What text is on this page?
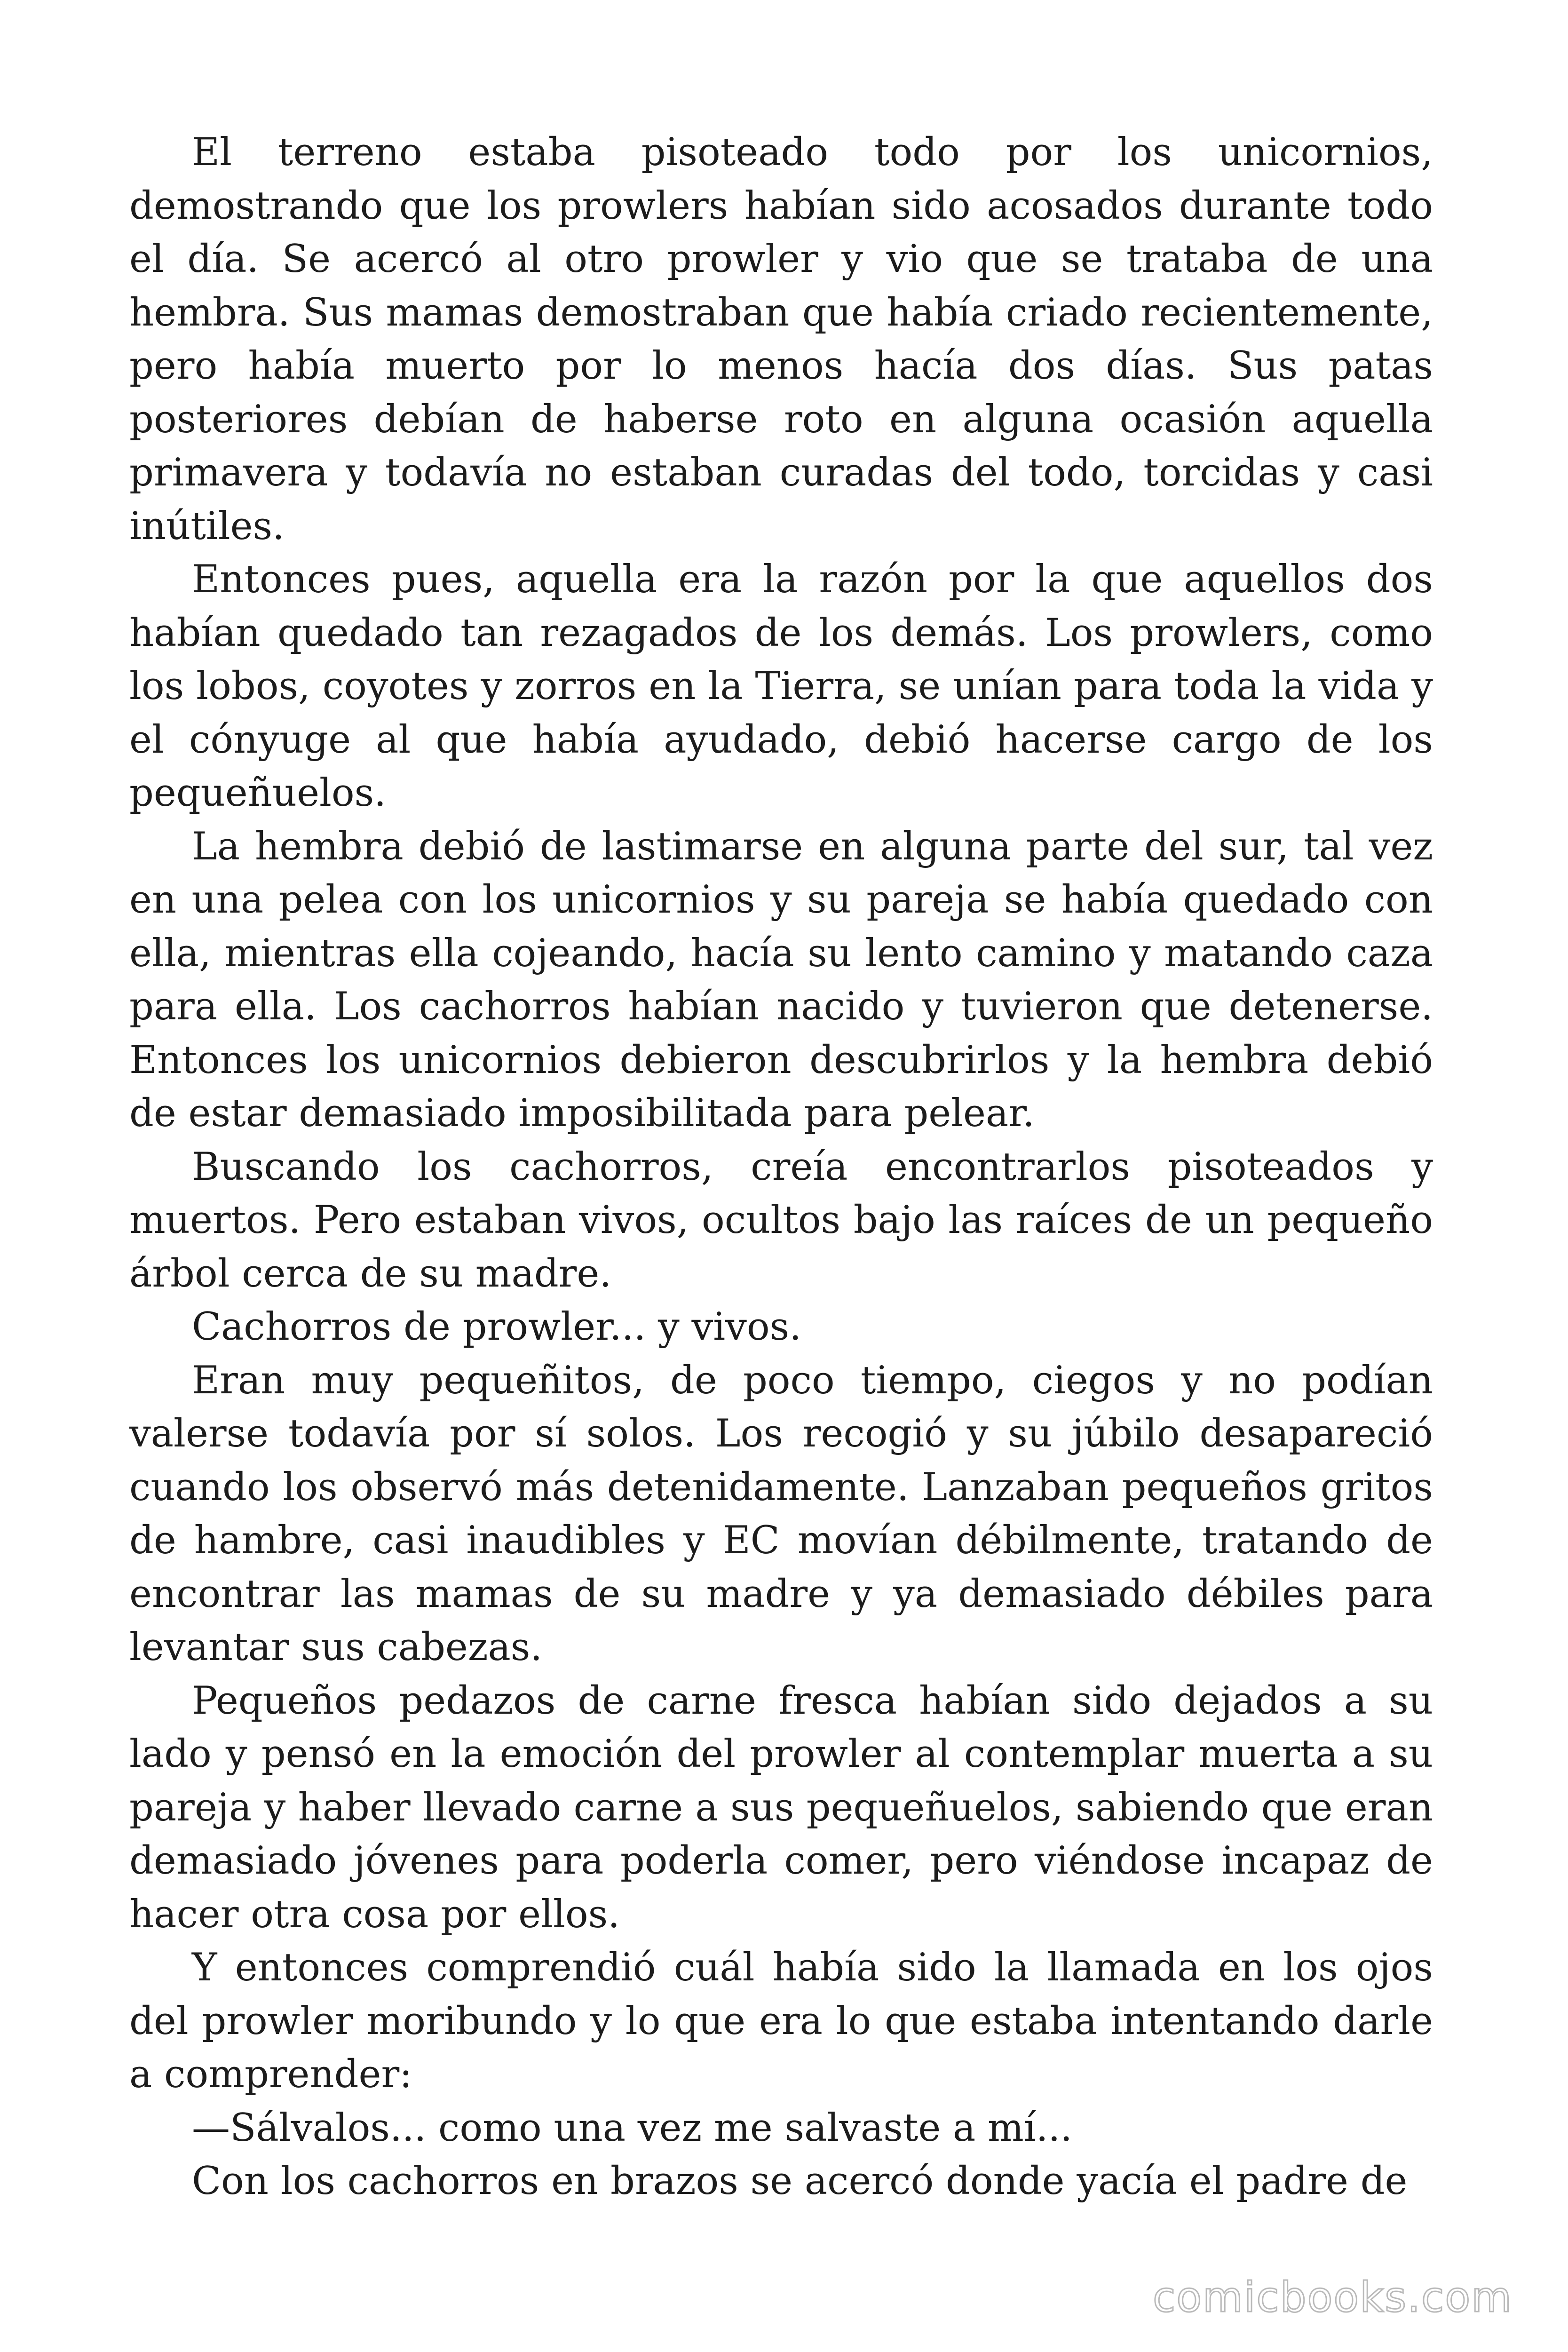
El terreno estaba pisoteado todo por los unicornios, demostrando que los prowlers habían sido acosados durante todo el día. Se acercó al otro prowler y vio que se trataba de una hembra. Sus mamas demostraban que había criado recientemente, pero había muerto por lo menos hacía dos días. Sus patas posteriores debían de haberse roto en alguna ocasión aquella primavera y todavía no estaban curadas del todo, torcidas y casi inútiles.

Entonces pues, aquella era la razón por la que aquellos dos habían quedado tan rezagados de los demás. Los prowlers, como los lobos, coyotes y zorros en la Tierra, se unían para toda la vida y el cónyuge al que había ayudado, debió hacerse cargo de los pequeñuelos.

La hembra debió de lastimarse en alguna parte del sur, tal vez en una pelea con los unicornios y su pareja se había quedado con ella, mientras ella cojeando, hacía su lento camino y matando caza para ella. Los cachorros habían nacido y tuvieron que detenerse. Entonces los unicornios debieron descubrirlos y la hembra debió de estar demasiado imposibilitada para pelear.

Buscando los cachorros, creía encontrarlos pisoteados y muertos. Pero estaban vivos, ocultos bajo las raíces de un pequeño árbol cerca de su madre.

Cachorros de prowler... y vivos.

Eran muy pequeñitos, de poco tiempo, ciegos y no podían valerse todavía por sí solos. Los recogió y su júbilo desapareció cuando los observó más detenidamente. Lanzaban pequeños gritos de hambre, casi inaudibles y EC movían débilmente, tratando de encontrar las mamas de su madre y ya demasiado débiles para levantar sus cabezas.

Pequeños pedazos de carne fresca habían sido dejados a su lado y pensó en la emoción del prowler al contemplar muerta a su pareja y haber llevado carne a sus pequeñuelos, sabiendo que eran demasiado jóvenes para poderla comer, pero viéndose incapaz de hacer otra cosa por ellos.

Y entonces comprendió cuál había sido la llamada en los ojos del prowler moribundo y lo que era lo que estaba intentando darle a comprender:

—Sálvalos... como una vez me salvaste a mí...

Con los cachorros en brazos se acercó donde yacía el padre de

comicbooks.com
